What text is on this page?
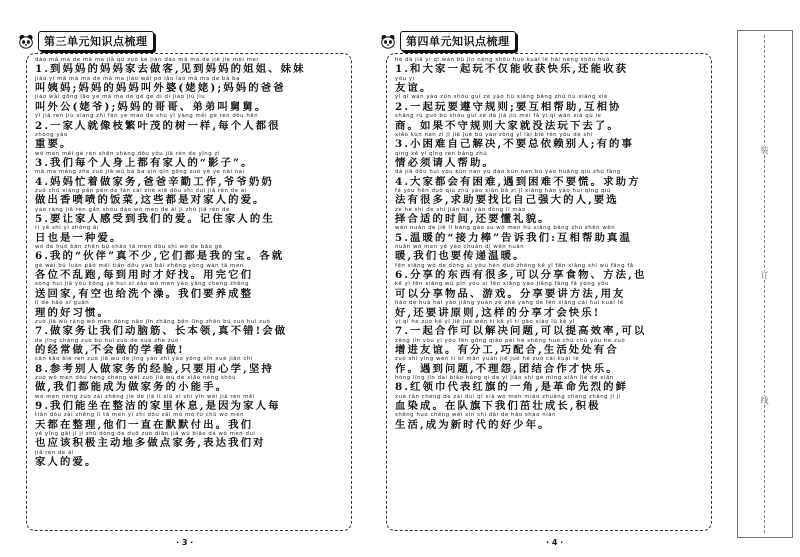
第三单元知识点梳理
dào mā ma de mā ma jiā qù zuò kè jiàn dào mā ma de jiě jie mèi mei
1.到妈妈的妈妈家去做客,见到妈妈的姐姐、妹妹
jiào yí mā mā ma de mā ma jiào wài pó lǎo lao mā ma de bà ba
叫姨妈;妈妈的妈妈叫外婆(姥姥);妈妈的爸爸
jiào wài gōng lǎo ye mā ma de gē ge dì di jiào jiù jiu
叫外公(姥爷);妈妈的哥哥、弟弟叫舅舅。
yī jiā rén jiù xiàng zhī fán yè mào de shù yī yàng měi gè rén dōu hěn
2.一家人就像枝繁叶茂的树一样,每个人都很
zhòng yào
重要。
wǒ men měi gè rén shēn shàng dōu yǒu jiā rén de yǐng zi
3.我们每个人身上都有家人的“影子”。
mā ma máng zhe zuò jiā wù bà ba xǐn qín gōng zuò yé ye nǎi nai
4.妈妈忙着做家务,爸爸辛勤工作,爷爷奶奶
zuò chū xiāng pēn pēn de fàn cài zhè xiē dōu shì duì jiā rén de ài
做出香喷喷的饭菜,这些都是对家人的爱。
yào ràng jiā rén gǎn shòu dào wǒ men de ài jì zhù jiā rén de
5.要让家人感受到我们的爱。记住家人的生
rì yě shì yì zhǒng ài
日也是一种爱。
wǒ de huǒ bàn zhēn bú shǎo tā men dōu shì wǒ de bǎo gè
6.我的“伙伴”真不少,它们都是我的宝。各就
gè wèi bú luàn pǎo měi tiān dōu yào bǎi zhěng yòng wán tā men
各位不乱跑,每到用时才好找。用完它们
sòng huí jiā yǒu kōng yě huì xǐ zǎo wǒ men yào yǎng chéng zhěng
送回家,有空也给洗个澡。我们要养成整
lǐ de hǎo xí guàn
理的好习惯。
zuò jiā wù ràng wǒ men dòng nǎo jīn zhǎng běn lǐng zhēn bú cuò huì zuò
7.做家务让我们动脑筋、长本领,真不错!会做
de jīng cháng zuò bú huì zuò de xué zhe zuò
的经常做,不会做的学着做!
cān kǎo bié rén zuò jiā wù de jīng yàn zhī yào yǒng xīn xué jiān chí
8.参考别人做家务的经验,只要用心学,坚持
zuò wǒ men dōu néng chéng wéi zuò jiā wù de xiǎo néng shǒu
做,我们都能成为做家务的小能手。
wǒ men néng zuò zài zhěng jié de jiā lǐ xiū xi shì yīn wèi jiā rén měi
9.我们能坐在整洁的家里休息,是因为家人每
tiān dōu zài zhěng lǐ tā men yì zhí dōu zài mò mò fù chū wǒ men
天都在整理,他们一直在默默付出。我们
yě yīng gāi jī jí zhǔ dòng de duō zuò diǎn jiā wù biǎo dá wǒ men duì
也应该积极主动地多做点家务,表达我们对
jiā rén de ài
家人的爱。
· 3 ·
第四单元知识点梳理
hé dà jiā yì qǐ wán bù jǐn néng shōu huò kuài lè hái néng shōu huò
1.和大家一起玩不仅能收获快乐,还能收获
yǒu yì
友谊。
yì qǐ wán yào zūn shǒu guī zé yào hù xiāng bāng zhù hù xiāng xié
2.一起玩要遵守规则;要互相帮助,互相协
shāng rú guǒ bù shǒu guī zé dà jiā jiù méi fǎ yì qǐ wán xià qù le
商。如果不守规则大家就没法玩下去了。
xiǎo kùn nan zì jǐ jiě jué bú yào zǒng yī lài bié rén yǒu de shì
3.小困难自己解决,不要总依赖别人;有的事
qíng kě yǐ qǐng rén bāng zhù
情必须请人帮助。
dà jiā dōu huì yǒu kùn nan yù dào kùn nan bú yào huāng qiú zhù fāng
4.大家都会有困难,遇到困难不要慌。求助方
fǎ yǒu hěn duō qiú zhù yào xiān bǎ zì jǐ xiǎng hǎo yào huì qǐng qiú
法有很多,求助要找比自己强大的人,要选
zé hé shì de shí jiān hái yào dǒng lǐ mào
择合适的时间,还要懂礼貌。
wēn nuǎn de jiē lì bàng gào su wǒ men hù xiāng bāng zhù zhēn wēn
5.温暖的“接力棒”告诉我们:互相帮助真温
nuǎn wǒ men yě yào chuán dì wēn nuǎn
暖,我们也要传递温暖。
fēn xiǎng wǒ de dōng xi yǒu hěn duō zhǒng kě yǐ fēn xiǎng shí wù fāng fǎ
6.分享的东西有很多,可以分享食物、方法,也
kě yǐ fēn xiǎng wù pǐn yóu xì fēn xiǎng yào jiǎng fāng fǎ yòng yǒu
可以分享物品、游戏。分享要讲方法,用友
hǎo de huà hái yào jiǎng yuán zé zhè yàng de fēn xiǎng cái huì kuài lè
好,还要讲原则,这样的分享才会快乐!
yì qǐ hé zuò kě yǐ jiě jué wèn tí kě yǐ tí gāo xiào lǜ kě yǐ
7.一起合作可以解决问题,可以提高效率,可以
zēng jìn yǒu yì yǒu fēn gōng qiǎo pèi hé shēng huó chù chù yǒu hé zuò
增进友谊。有分工,巧配合,生活处处有合
zuò shì yìng wèn tí bǐ mǎn yuán jiě jué hé zuò cái kuài lè
作。遇到问题,不理怨,团结合作才快乐。
hóng lǐng jīn dài biǎo hóng qí de yì jiǎo shì gé mìng xiān liè de xiān
8.红领巾代表红旗的一角,是革命先烈的鲜
xuè rǎn chéng de zài duì qí xià wǒ men miáo zhuàng chéng zhǎng jī jí
血染成。在队旗下我们茁壮成长,积极
shēng huó chéng wéi xīn shí dài de hǎo shào nián
生活,成为新时代的好少年。
· 4 ·
装
订
线
